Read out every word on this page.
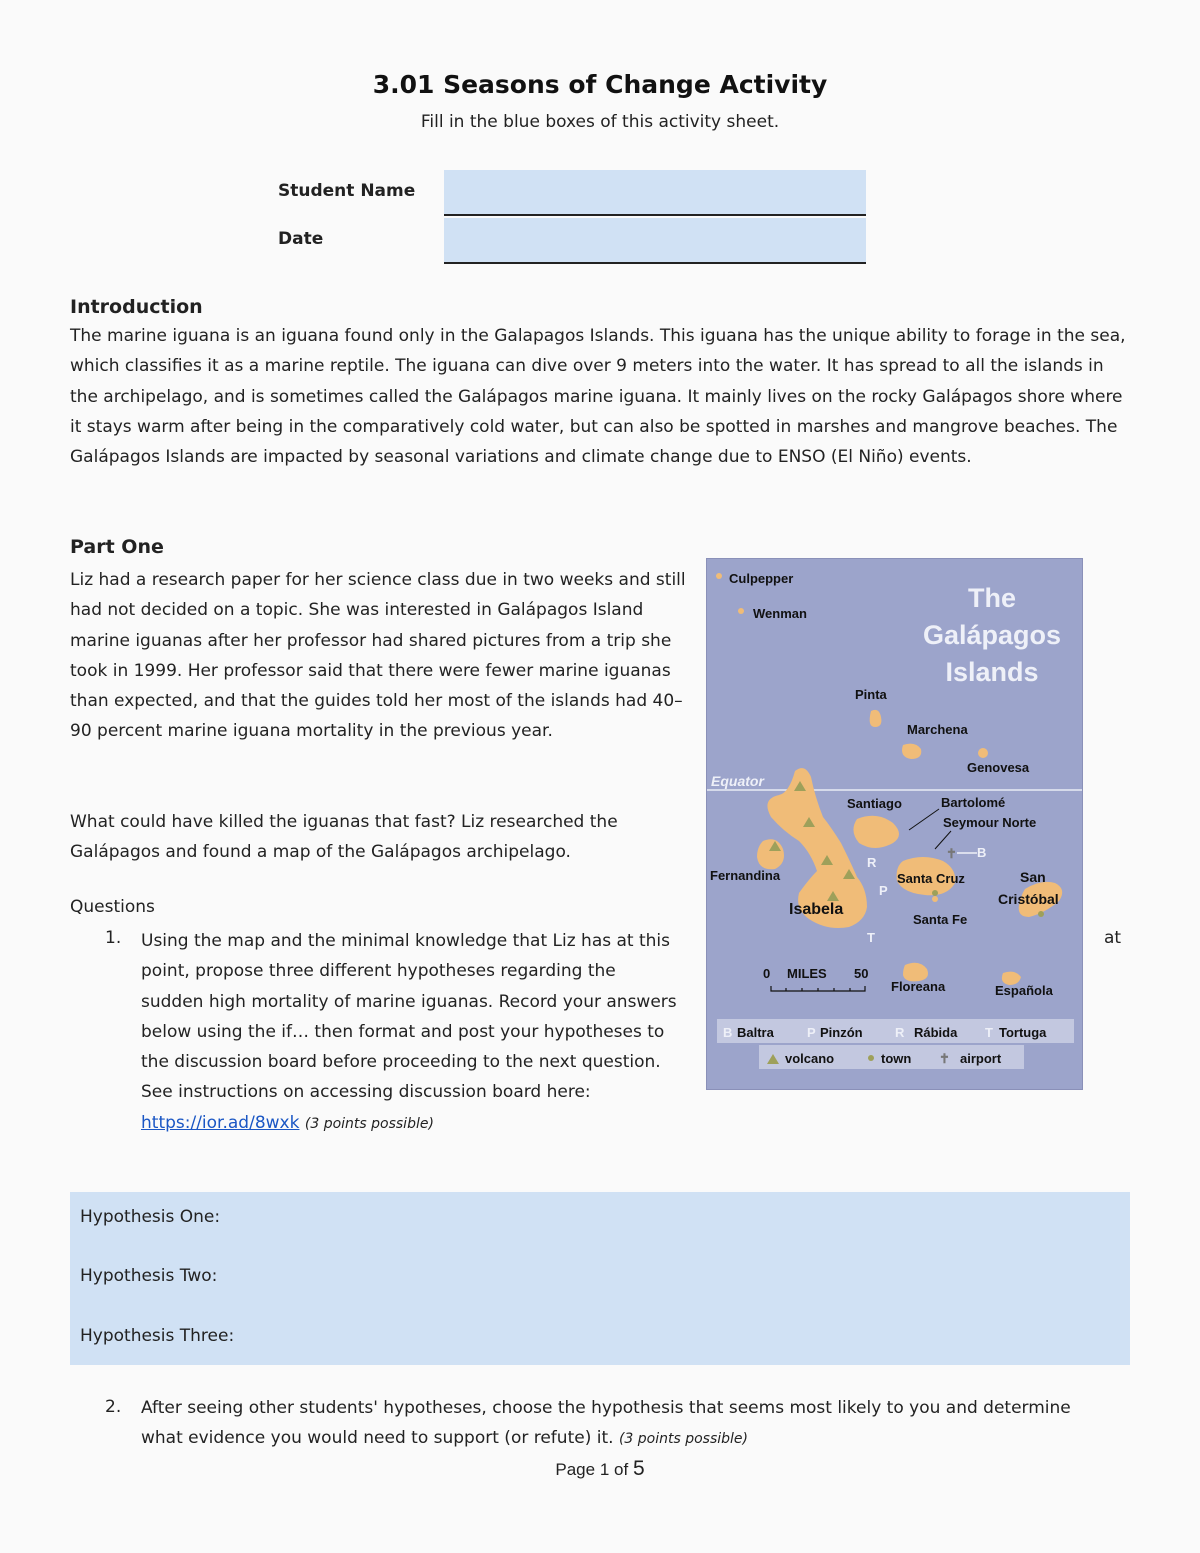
3.01 Seasons of Change Activity
Fill in the blue boxes of this activity sheet.
Student Name
Date
Introduction
The marine iguana is an iguana found only in the Galapagos Islands. This iguana has the unique ability to forage in the sea, which classifies it as a marine reptile. The iguana can dive over 9 meters into the water. It has spread to all the islands in the archipelago, and is sometimes called the Galápagos marine iguana. It mainly lives on the rocky Galápagos shore where it stays warm after being in the comparatively cold water, but can also be spotted in marshes and mangrove beaches. The Galápagos Islands are impacted by seasonal variations and climate change due to ENSO (El Niño) events.
Part One
Liz had a research paper for her science class due in two weeks and still had not decided on a topic. She was interested in Galápagos Island marine iguanas after her professor had shared pictures from a trip she took in 1999. Her professor said that there were fewer marine iguanas than expected, and that the guides told her most of the islands had 40–90 percent marine iguana mortality in the previous year.
What could have killed the iguanas that fast? Liz researched the Galápagos and found a map of the Galápagos archipelago.
Questions
1. Using the map and the minimal knowledge that Liz has at this point, propose three different hypotheses regarding the sudden high mortality of marine iguanas. Record your answers below using the if… then format and post your hypotheses to the discussion board before proceeding to the next question. See instructions on accessing discussion board here: https://ior.ad/8wxk (3 points possible)
at
Equator
The
Galápagos
Islands
Culpepper
Wenman
Pinta
Marchena
Genovesa
✝
Santiago	Bartolomé
Seymour Norte
B
R
P
T
Fernandina
Isabela
Santa Cruz	San
Cristóbal
Santa Fe
Floreana	Española
0 MILES 50
B Baltra	P Pinzón R Rábida T Tortuga
volcano	town ✝ airport
Hypothesis One:
Hypothesis Two:
Hypothesis Three:
2. After seeing other students' hypotheses, choose the hypothesis that seems most likely to you and determine what evidence you would need to support (or refute) it. (3 points possible)
Page 1 of 5
